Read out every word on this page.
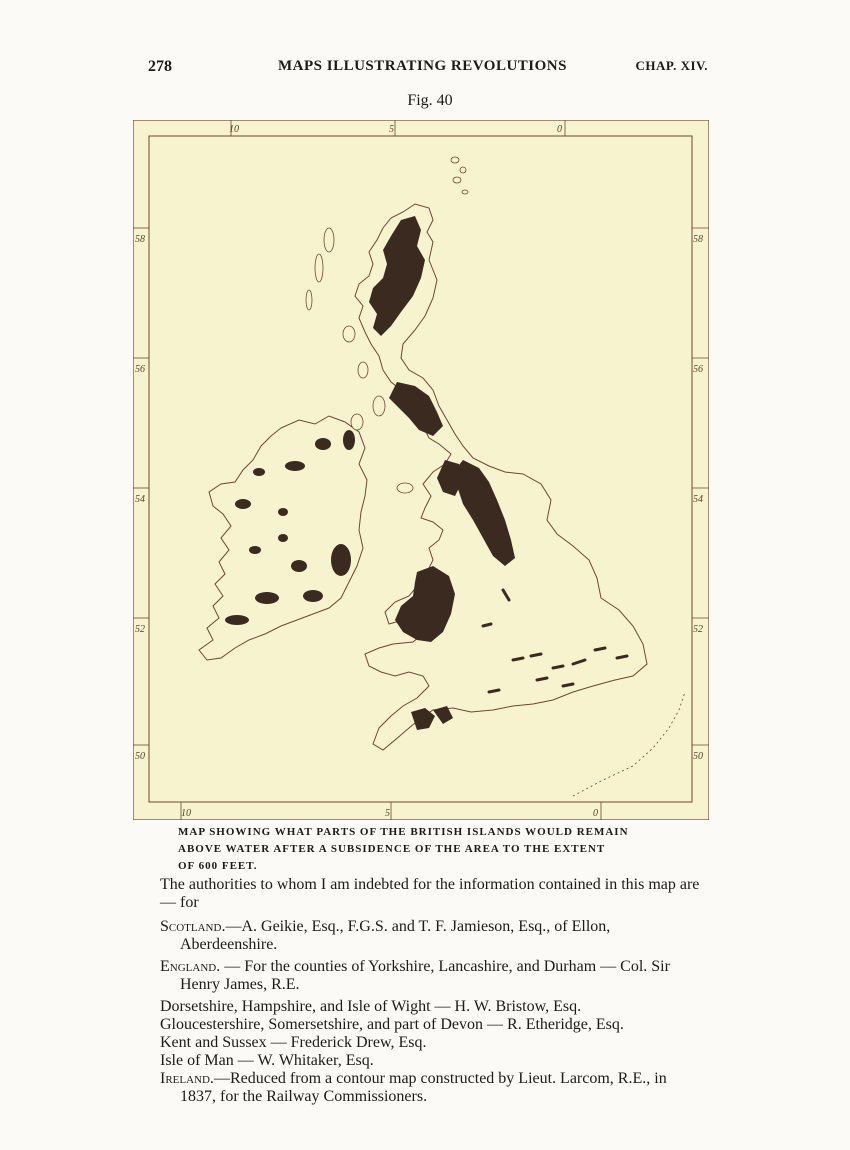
278	MAPS ILLUSTRATING REVOLUTIONS	CHAP. XIV.
Fig. 40
10	5	0
10	5	0
58
56
54
52
50
58
56
54
52
50
MAP SHOWING WHAT PARTS OF THE BRITISH ISLANDS WOULD REMAIN
ABOVE WATER AFTER A SUBSIDENCE OF THE AREA TO THE EXTENT
OF 600 FEET.

The authorities to whom I am indebted for the information contained in this map are — for

Scotland.—A. Geikie, Esq., F.G.S. and T. F. Jamieson, Esq., of Ellon, Aberdeenshire.

England. — For the counties of Yorkshire, Lancashire, and Durham — Col. Sir Henry James, R.E.

Dorsetshire, Hampshire, and Isle of Wight — H. W. Bristow, Esq.

Gloucestershire, Somersetshire, and part of Devon — R. Etheridge, Esq.

Kent and Sussex — Frederick Drew, Esq.

Isle of Man — W. Whitaker, Esq.

Ireland.—Reduced from a contour map constructed by Lieut. Larcom, R.E., in 1837, for the Railway Commissioners.
